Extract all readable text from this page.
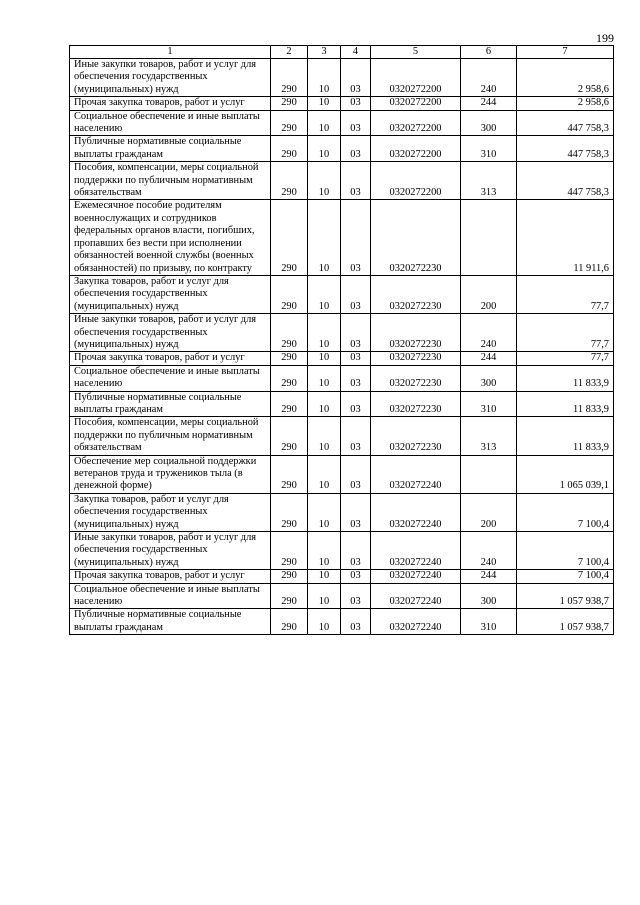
199
1	2	3	4	5	6	7
Иные закупки товаров, работ и услуг для обеспечения государственных (муниципальных) нужд	290	10	03	0320272200	240	2 958,6
Прочая закупка товаров, работ и услуг	290	10	03	0320272200	244	2 958,6
Социальное обеспечение и иные выплаты населению	290	10	03	0320272200	300	447 758,3
Публичные нормативные социальные выплаты гражданам	290	10	03	0320272200	310	447 758,3
Пособия, компенсации, меры социальной поддержки по публичным нормативным обязательствам	290	10	03	0320272200	313	447 758,3
Ежемесячное пособие родителям военнослужащих и сотрудников федеральных органов власти, погибших, пропавших без вести при исполнении обязанностей военной службы (военных обязанностей) по призыву, по контракту	290	10	03	0320272230		11 911,6
Закупка товаров, работ и услуг для обеспечения государственных (муниципальных) нужд	290	10	03	0320272230	200	77,7
Иные закупки товаров, работ и услуг для обеспечения государственных (муниципальных) нужд	290	10	03	0320272230	240	77,7
Прочая закупка товаров, работ и услуг	290	10	03	0320272230	244	77,7
Социальное обеспечение и иные выплаты населению	290	10	03	0320272230	300	11 833,9
Публичные нормативные социальные выплаты гражданам	290	10	03	0320272230	310	11 833,9
Пособия, компенсации, меры социальной поддержки по публичным нормативным обязательствам	290	10	03	0320272230	313	11 833,9
Обеспечение мер социальной поддержки ветеранов труда и тружеников тыла (в денежной форме)	290	10	03	0320272240		1 065 039,1
Закупка товаров, работ и услуг для обеспечения государственных (муниципальных) нужд	290	10	03	0320272240	200	7 100,4
Иные закупки товаров, работ и услуг для обеспечения государственных (муниципальных) нужд	290	10	03	0320272240	240	7 100,4
Прочая закупка товаров, работ и услуг	290	10	03	0320272240	244	7 100,4
Социальное обеспечение и иные выплаты населению	290	10	03	0320272240	300	1 057 938,7
Публичные нормативные социальные выплаты гражданам	290	10	03	0320272240	310	1 057 938,7
